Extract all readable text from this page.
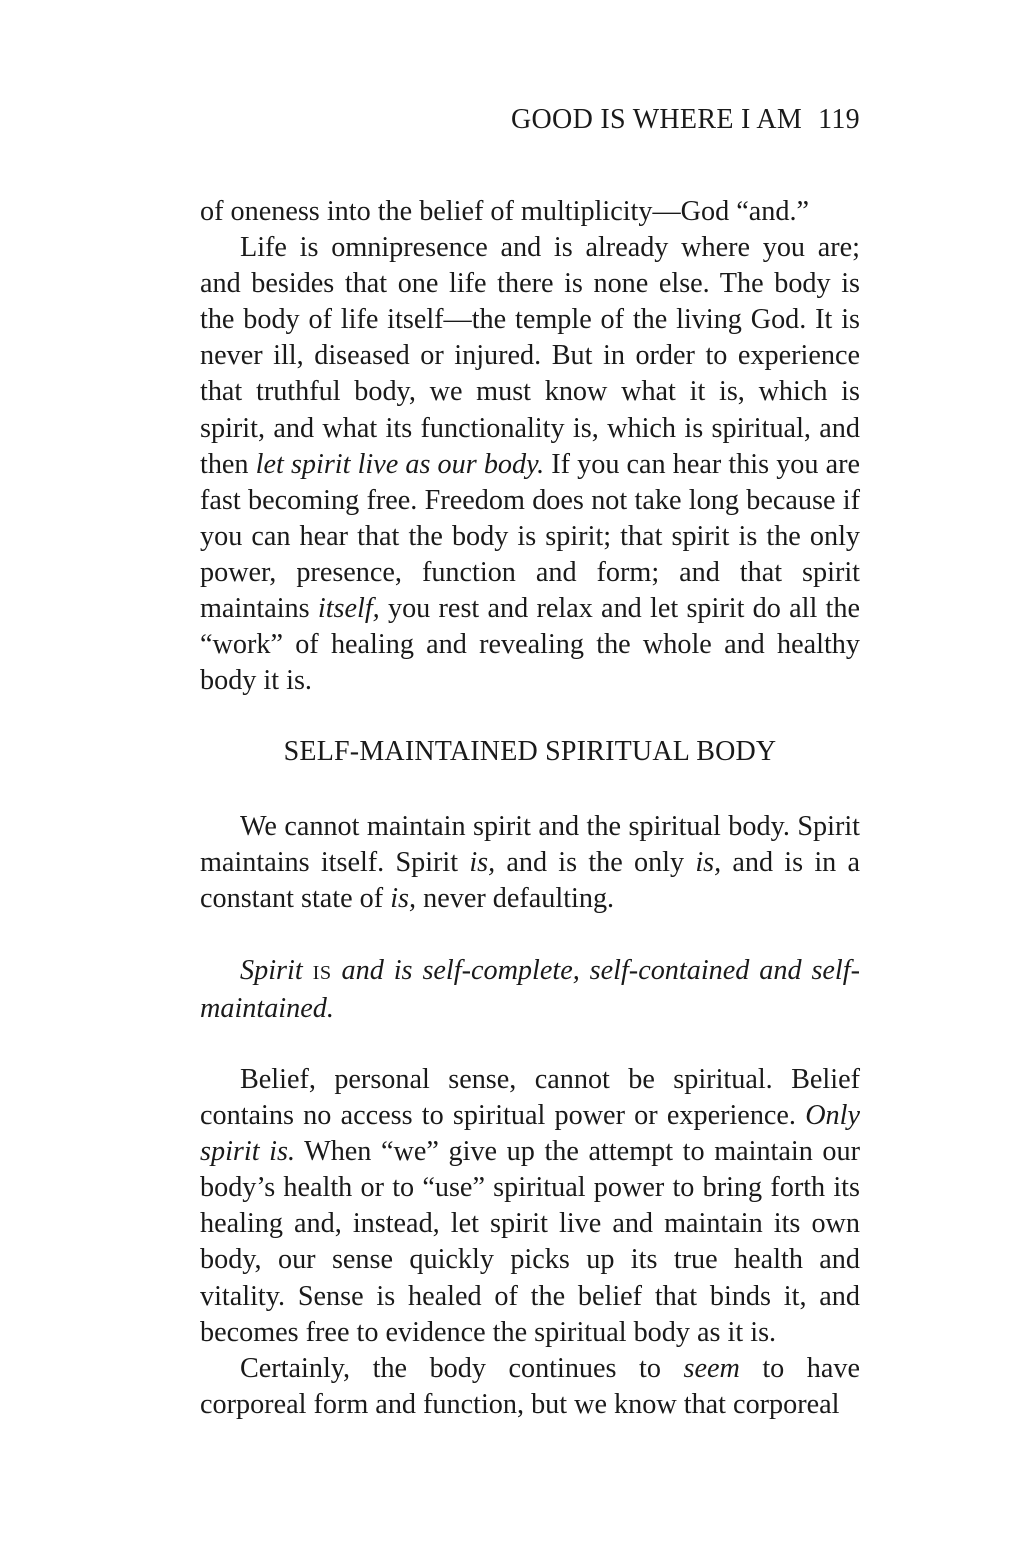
GOOD IS WHERE I AM 119

of oneness into the belief of multiplicity—God “and.”

Life is omnipresence and is already where you are; and besides that one life there is none else. The body is the body of life itself—the temple of the living God. It is never ill, diseased or injured. But in order to experience that truthful body, we must know what it is, which is spirit, and what its functionality is, which is spiritual, and then let spirit live as our body. If you can hear this you are fast becoming free. Freedom does not take long because if you can hear that the body is spirit; that spirit is the only power, presence, function and form; and that spirit maintains itself, you rest and relax and let spirit do all the “work” of healing and revealing the whole and healthy body it is.

SELF-MAINTAINED SPIRITUAL BODY

We cannot maintain spirit and the spiritual body. Spirit maintains itself. Spirit is, and is the only is, and is in a constant state of is, never defaulting.

Spirit IS and is self-complete, self-contained and self-maintained.

Belief, personal sense, cannot be spiritual. Belief contains no access to spiritual power or experience. Only spirit is. When “we” give up the attempt to maintain our body’s health or to “use” spiritual power to bring forth its healing and, instead, let spirit live and maintain its own body, our sense quickly picks up its true health and vitality. Sense is healed of the belief that binds it, and becomes free to evidence the spiritual body as it is.

Certainly, the body continues to seem to have corporeal form and function, but we know that corporeal
